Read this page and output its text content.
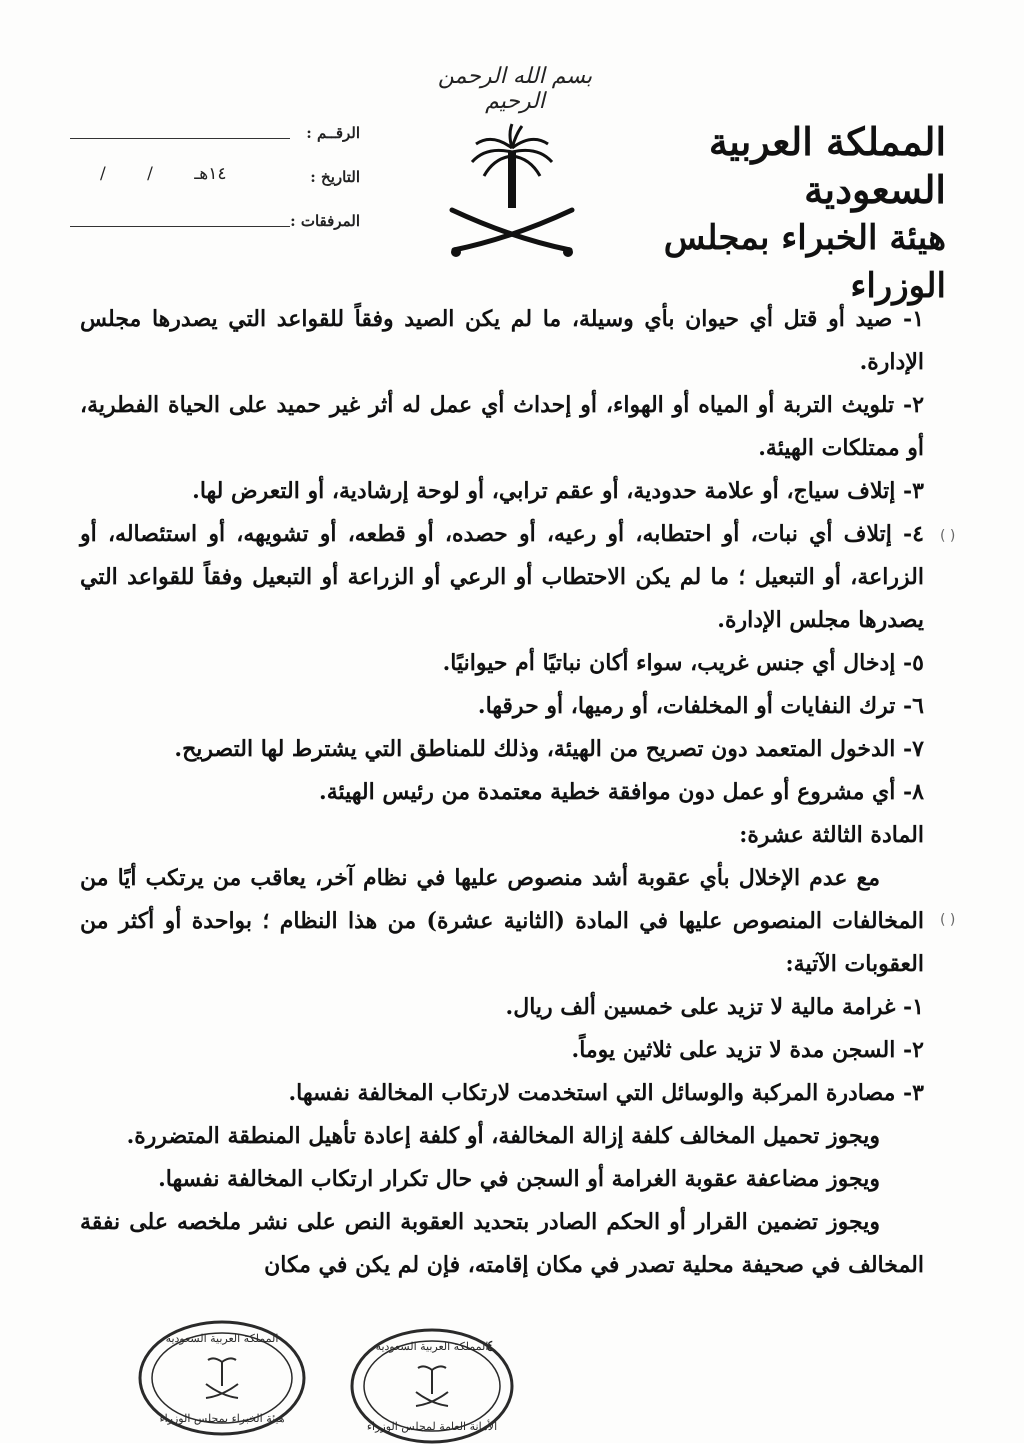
بسم الله الرحمن الرحيم
المملكة العربية السعودية
هيئة الخبراء بمجلس الوزراء
الرقــم :
التاريخ :
١٤هـ / /
المرفقات :
١- صيد أو قتل أي حيوان بأي وسيلة، ما لم يكن الصيد وفقاً للقواعد التي يصدرها مجلس الإدارة.
٢- تلويث التربة أو المياه أو الهواء، أو إحداث أي عمل له أثر غير حميد على الحياة الفطرية، أو ممتلكات الهيئة.
٣- إتلاف سياج، أو علامة حدودية، أو عقم ترابي، أو لوحة إرشادية، أو التعرض لها.
٤- إتلاف أي نبات، أو احتطابه، أو رعيه، أو حصده، أو قطعه، أو تشويهه، أو استئصاله، أو الزراعة، أو التبعيل ؛ ما لم يكن الاحتطاب أو الرعي أو الزراعة أو التبعيل وفقاً للقواعد التي يصدرها مجلس الإدارة.
٥- إدخال أي جنس غريب، سواء أكان نباتيًا أم حيوانيًا.
٦- ترك النفايات أو المخلفات، أو رميها، أو حرقها.
٧- الدخول المتعمد دون تصريح من الهيئة، وذلك للمناطق التي يشترط لها التصريح.
٨- أي مشروع أو عمل دون موافقة خطية معتمدة من رئيس الهيئة.
المادة الثالثة عشرة:
مع عدم الإخلال بأي عقوبة أشد منصوص عليها في نظام آخر، يعاقب من يرتكب أيًا من المخالفات المنصوص عليها في المادة (الثانية عشرة) من هذا النظام ؛ بواحدة أو أكثر من العقوبات الآتية:
١- غرامة مالية لا تزيد على خمسين ألف ريال.
٢- السجن مدة لا تزيد على ثلاثين يوماً.
٣- مصادرة المركبة والوسائل التي استخدمت لارتكاب المخالفة نفسها.
ويجوز تحميل المخالف كلفة إزالة المخالفة، أو كلفة إعادة تأهيل المنطقة المتضررة.
ويجوز مضاعفة عقوبة الغرامة أو السجن في حال تكرار ارتكاب المخالفة نفسها.
ويجوز تضمين القرار أو الحكم الصادر بتحديد العقوبة النص على نشر ملخصه على نفقة المخالف في صحيفة محلية تصدر في مكان إقامته، فإن لم يكن في مكان
( )
( )
٤
المملكة العربية السعودية
هيئة الخبراء بمجلس الوزراء
المملكة العربية السعودية
الأمانة العامة لمجلس الوزراء
